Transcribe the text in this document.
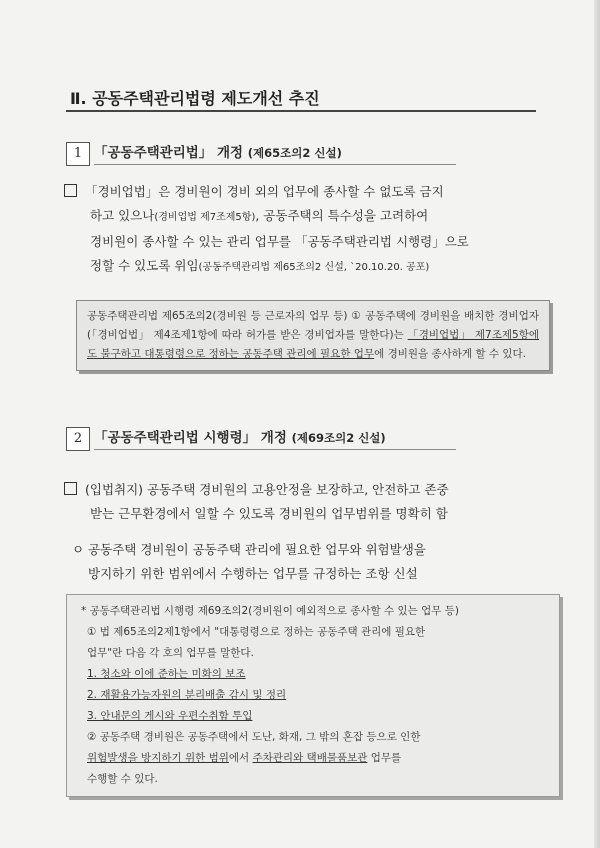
Ⅱ. 공동주택관리법령 제도개선 추진
1 「공동주택관리법」 개정 (제65조의2 신설)
「경비업법」은 경비원이 경비 외의 업무에 종사할 수 없도록 금지
하고 있으나(경비업법 제7조제5항), 공동주택의 특수성을 고려하여
경비원이 종사할 수 있는 관리 업무를 「공동주택관리법 시행령」으로
정할 수 있도록 위임(공동주택관리법 제65조의2 신설, `20.10.20. 공포)

공동주택관리법 제65조의2(경비원 등 근로자의 업무 등) ① 공동주택에 경비원을 배치한 경비업자(「경비업법」 제4조제1항에 따라 허가를 받은 경비업자를 말한다)는 「경비업법」 제7조제5항에도 불구하고 대통령령으로 정하는 공동주택 관리에 필요한 업무에 경비원을 종사하게 할 수 있다.

2 「공동주택관리법 시행령」 개정 (제69조의2 신설)
(입법취지) 공동주택 경비원의 고용안정을 보장하고, 안전하고 존중
받는 근무환경에서 일할 수 있도록 경비원의 업무범위를 명확히 함
ㅇ 공동주택 경비원이 공동주택 관리에 필요한 업무와 위험발생을
방지하기 위한 범위에서 수행하는 업무를 규정하는 조항 신설

* 공동주택관리법 시행령 제69조의2(경비원이 예외적으로 종사할 수 있는 업무 등)

① 법 제65조의2제1항에서 "대통령령으로 정하는 공동주택 관리에 필요한

업무"란 다음 각 호의 업무를 말한다.

1. 청소와 이에 준하는 미화의 보조

2. 재활용가능자원의 분리배출 감시 및 정리

3. 안내문의 게시와 우편수취함 투입

② 공동주택 경비원은 공동주택에서 도난, 화재, 그 밖의 혼잡 등으로 인한

위험발생을 방지하기 위한 범위에서 주차관리와 택배물품보관 업무를

수행할 수 있다.
